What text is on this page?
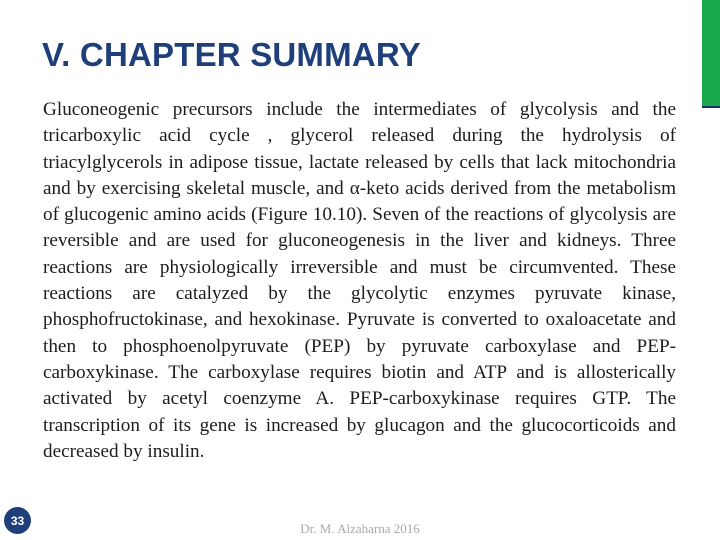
V. CHAPTER SUMMARY
Gluconeogenic precursors include the intermediates of glycolysis and the tricarboxylic acid cycle , glycerol released during the hydrolysis of triacylglycerols in adipose tissue, lactate released by cells that lack mitochondria and by exercising skeletal muscle, and α-keto acids derived from the metabolism of glucogenic amino acids (Figure 10.10). Seven of the reactions of glycolysis are reversible and are used for gluconeogenesis in the liver and kidneys. Three reactions are physiologically irreversible and must be circumvented. These reactions are catalyzed by the glycolytic enzymes pyruvate kinase, phosphofructokinase, and hexokinase. Pyruvate is converted to oxaloacetate and then to phosphoenolpyruvate (PEP) by pyruvate carboxylase and PEP-carboxykinase. The carboxylase requires biotin and ATP and is allosterically activated by acetyl coenzyme A. PEP-carboxykinase requires GTP. The transcription of its gene is increased by glucagon and the glucocorticoids and decreased by insulin.
33
Dr. M. Alzaharna 2016
